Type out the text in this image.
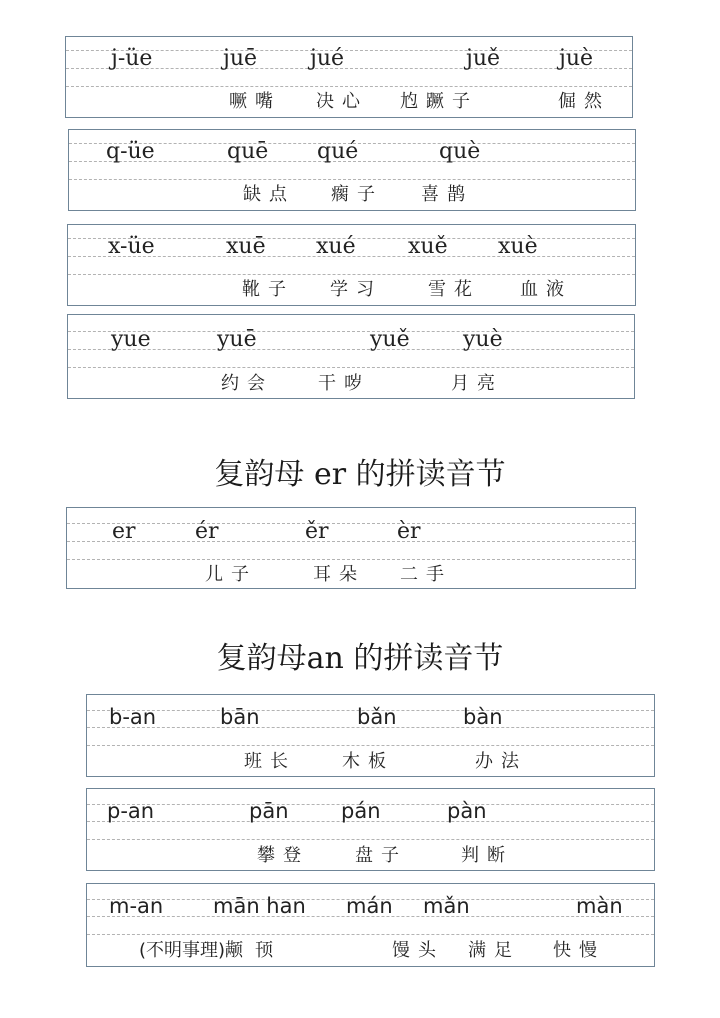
j-üe	juē jué	juě	juè
噘嘴 决心 尥蹶子	倔然
q-üe	quē qué	què
缺点 瘸子 喜鹊
x-üe	xuē xué xuě xuè
靴子 学习	雪花 血液
yue	yuē	yuě yuè
约会	干哕	月亮
复韵母 er 的拼读音节
er	ér	ěr	èr
儿子	耳朵 二手
复韵母an 的拼读音节
b-an	bān	bǎn	bàn
班长	木板	办法
p-an	pān pán	pàn
攀登	盘子	判断
m-an mān han mán mǎn	màn
(不明事理)颟顸	馒头 满足 快慢
